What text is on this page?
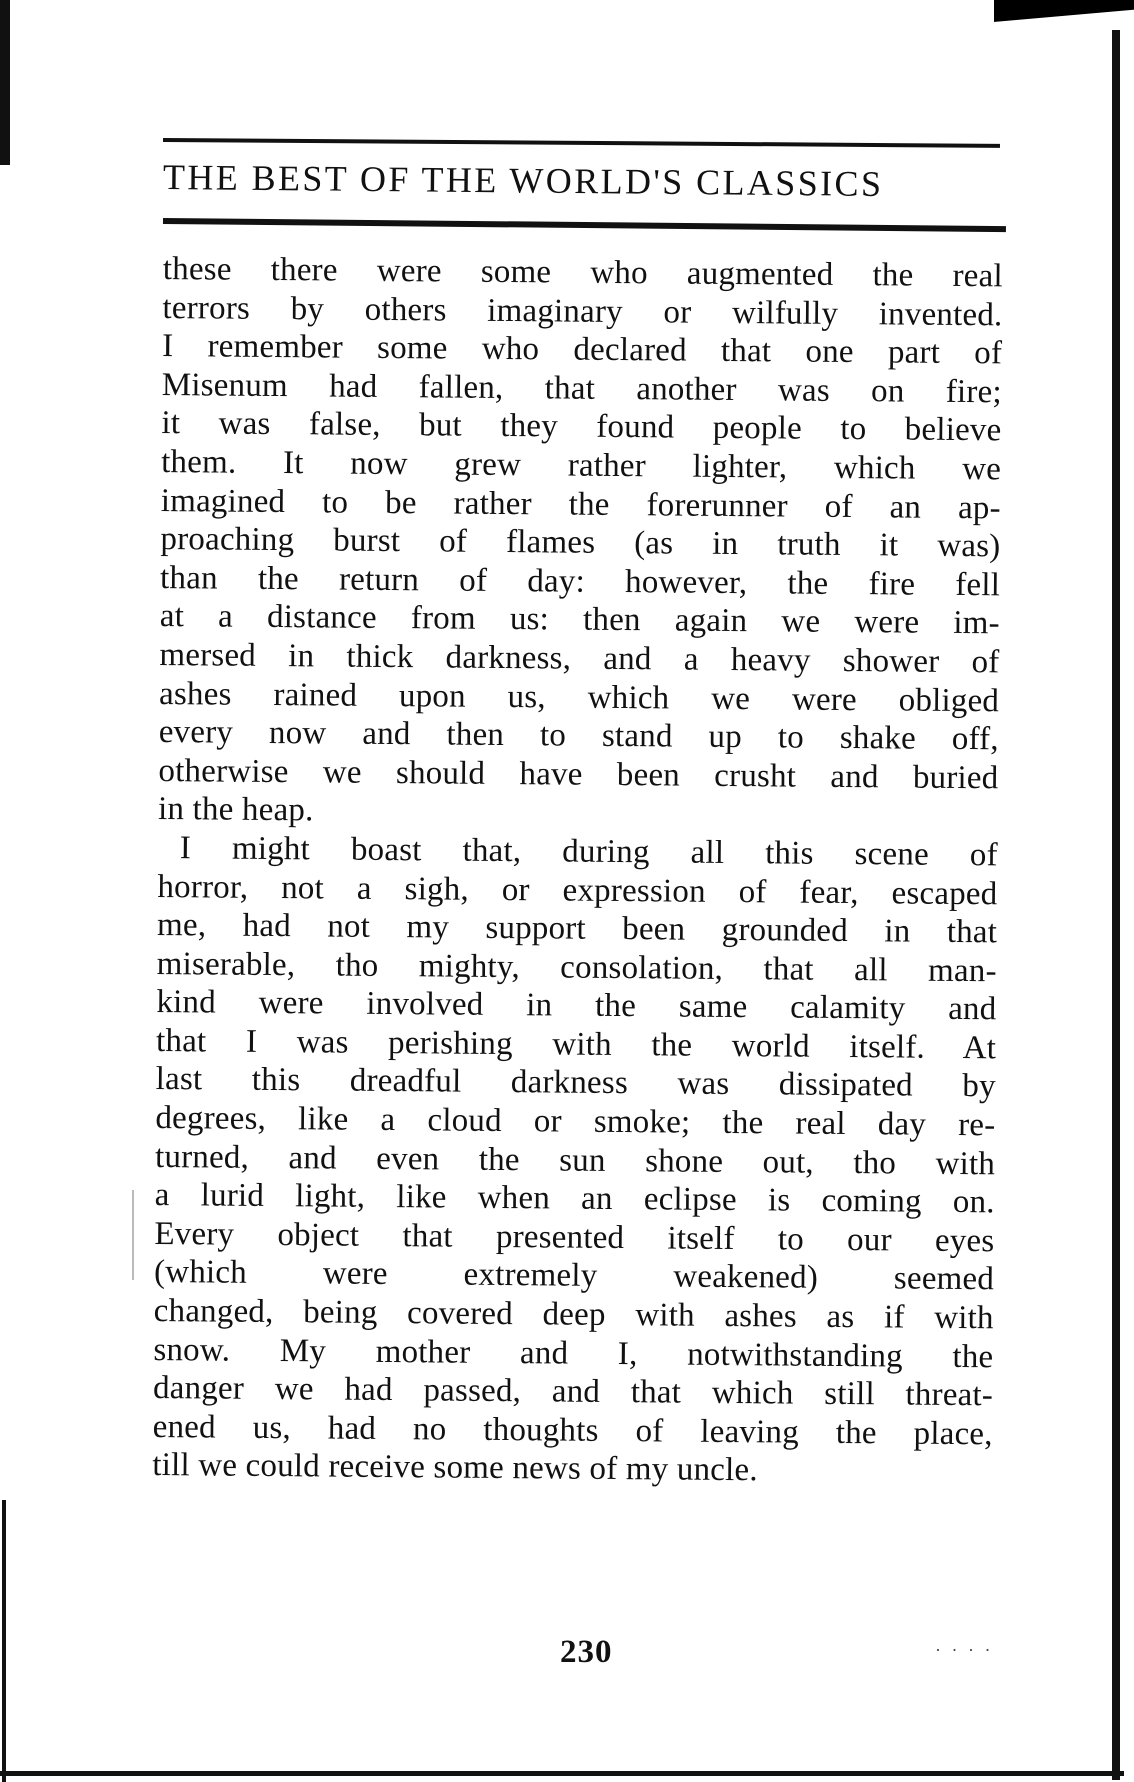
· · · ·
THE BEST OF THE WORLD'S CLASSICS
these there were some who augmented the real
terrors by others imaginary or wilfully invented.
I remember some who declared that one part of
Misenum had fallen, that another was on fire;
it was false, but they found people to believe
them. It now grew rather lighter, which we
imagined to be rather the forerunner of an ap-
proaching burst of flames (as in truth it was)
than the return of day: however, the fire fell
at a distance from us: then again we were im-
mersed in thick darkness, and a heavy shower of
ashes rained upon us, which we were obliged
every now and then to stand up to shake off,
otherwise we should have been crusht and buried
in the heap.
I might boast that, during all this scene of
horror, not a sigh, or expression of fear, escaped
me, had not my support been grounded in that
miserable, tho mighty, consolation, that all man-
kind were involved in the same calamity and
that I was perishing with the world itself. At
last this dreadful darkness was dissipated by
degrees, like a cloud or smoke; the real day re-
turned, and even the sun shone out, tho with
a lurid light, like when an eclipse is coming on.
Every object that presented itself to our eyes
(which were extremely weakened) seemed
changed, being covered deep with ashes as if with
snow. My mother and I, notwithstanding the
danger we had passed, and that which still threat-
ened us, had no thoughts of leaving the place,
till we could receive some news of my uncle.
230
